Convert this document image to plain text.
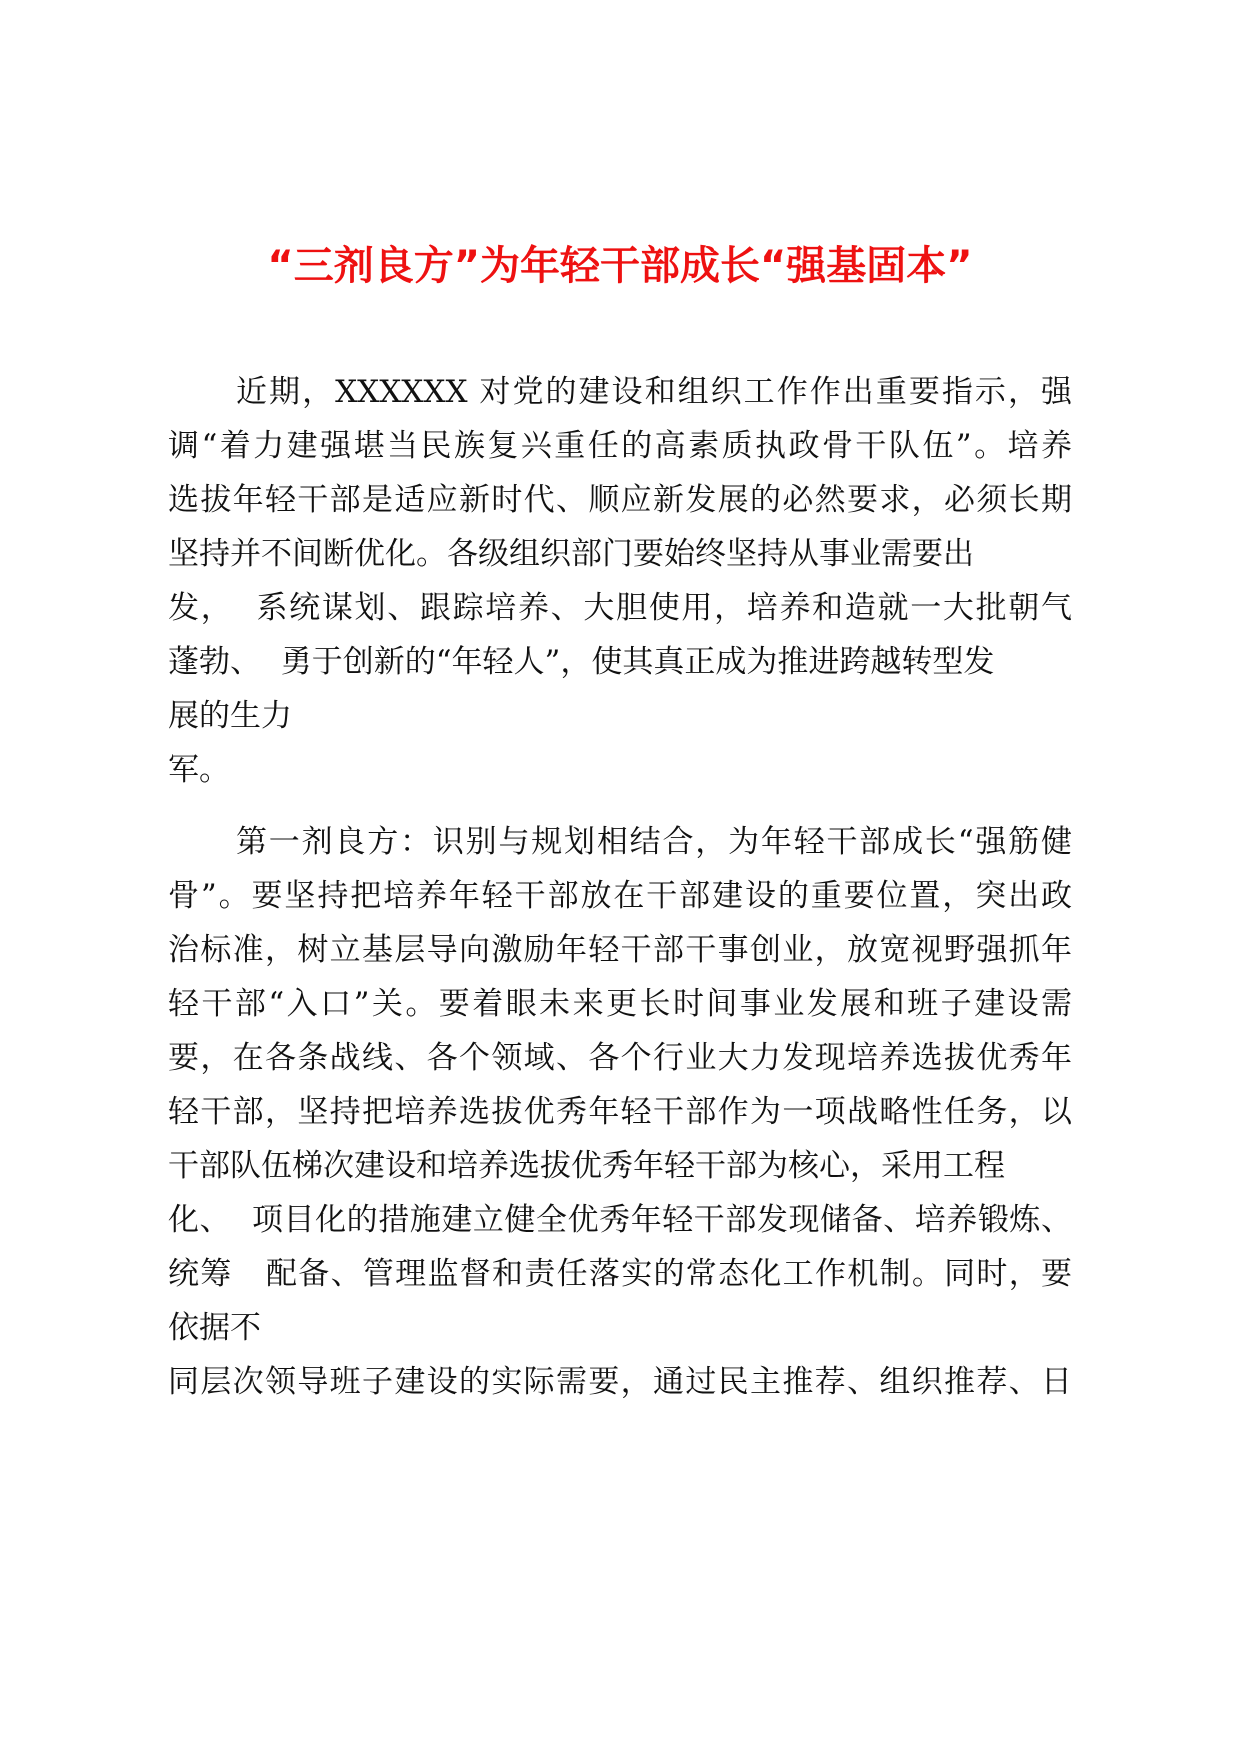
“三剂良方”为年轻干部成长“强基固本”
近期，XXXXXX 对党的建设和组织工作作出重要指示，强
调“着力建强堪当民族复兴重任的高素质执政骨干队伍”。培养
选拔年轻干部是适应新时代、顺应新发展的必然要求，必须长期
坚持并不间断优化。各级组织部门要始终坚持从事业需要出
发，  系统谋划、跟踪培养、大胆使用，培养和造就一大批朝气
蓬勃、  勇于创新的“年轻人”，使其真正成为推进跨越转型发
展的生力
军。
第一剂良方：识别与规划相结合，为年轻干部成长“强筋健
骨”。要坚持把培养年轻干部放在干部建设的重要位置，突出政
治标准，树立基层导向激励年轻干部干事创业，放宽视野强抓年
轻干部“入口”关。要着眼未来更长时间事业发展和班子建设需
要，在各条战线、各个领域、各个行业大力发现培养选拔优秀年
轻干部，坚持把培养选拔优秀年轻干部作为一项战略性任务，以
干部队伍梯次建设和培养选拔优秀年轻干部为核心，采用工程
化、  项目化的措施建立健全优秀年轻干部发现储备、培养锻炼、
统筹   配备、管理监督和责任落实的常态化工作机制。同时，要
依据不
同层次领导班子建设的实际需要，通过民主推荐、组织推荐、日
